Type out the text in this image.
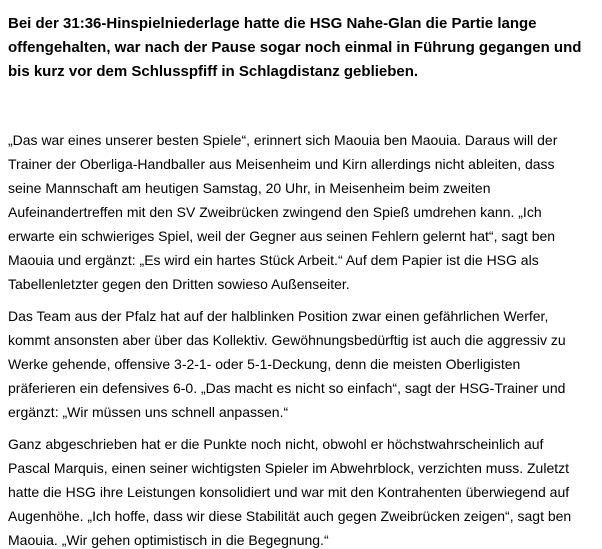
Bei der 31:36-Hinspielniederlage hatte die HSG Nahe-Glan die Partie lange
offengehalten, war nach der Pause sogar noch einmal in Führung gegangen und
bis kurz vor dem Schlusspfiff in Schlagdistanz geblieben.
„Das war eines unserer besten Spiele“, erinnert sich Maouia ben Maouia. Daraus will der
Trainer der Oberliga-Handballer aus Meisenheim und Kirn allerdings nicht ableiten, dass
seine Mannschaft am heutigen Samstag, 20 Uhr, in Meisenheim beim zweiten
Aufeinandertreffen mit den SV Zweibrücken zwingend den Spieß umdrehen kann. „Ich
erwarte ein schwieriges Spiel, weil der Gegner aus seinen Fehlern gelernt hat“, sagt ben
Maouia und ergänzt: „Es wird ein hartes Stück Arbeit.“ Auf dem Papier ist die HSG als
Tabellenletzter gegen den Dritten sowieso Außenseiter.
Das Team aus der Pfalz hat auf der halblinken Position zwar einen gefährlichen Werfer,
kommt ansonsten aber über das Kollektiv. Gewöhnungsbedürftig ist auch die aggressiv zu
Werke gehende, offensive 3-2-1- oder 5-1-Deckung, denn die meisten Oberligisten
präferieren ein defensives 6-0. „Das macht es nicht so einfach“, sagt der HSG-Trainer und
ergänzt: „Wir müssen uns schnell anpassen.“
Ganz abgeschrieben hat er die Punkte noch nicht, obwohl er höchstwahrscheinlich auf
Pascal Marquis, einen seiner wichtigsten Spieler im Abwehrblock, verzichten muss. Zuletzt
hatte die HSG ihre Leistungen konsolidiert und war mit den Kontrahenten überwiegend auf
Augenhöhe. „Ich hoffe, dass wir diese Stabilität auch gegen Zweibrücken zeigen“, sagt ben
Maouia. „Wir gehen optimistisch in die Begegnung.“
